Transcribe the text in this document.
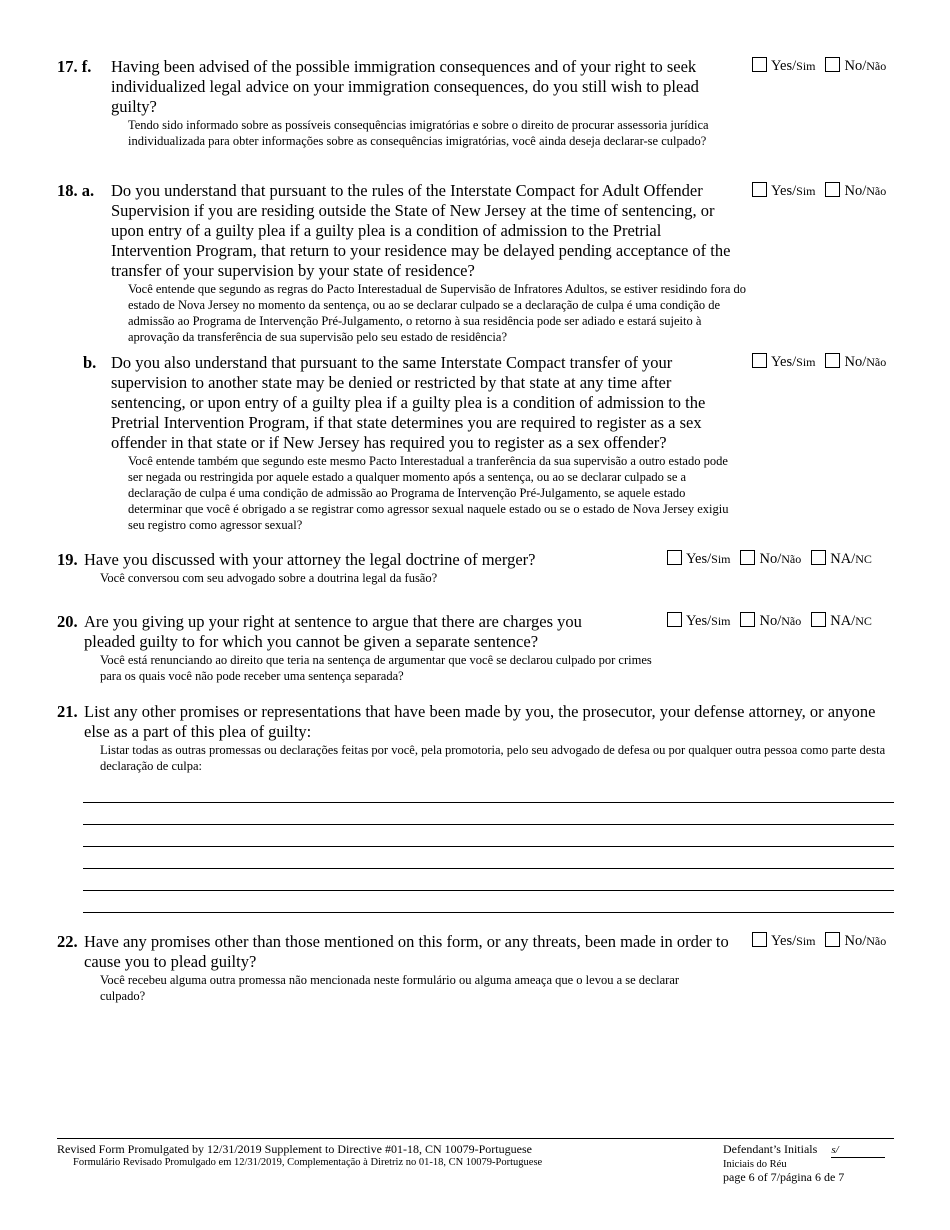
17. f. Having been advised of the possible immigration consequences and of your right to seek individualized legal advice on your immigration consequences, do you still wish to plead guilty?
Tendo sido informado sobre as possíveis consequências imigratórias e sobre o direito de procurar assessoria jurídica individualizada para obter informações sobre as consequências imigratórias, você ainda deseja declarar-se culpado?
Yes/Sim No/Não
18. a. Do you understand that pursuant to the rules of the Interstate Compact for Adult Offender Supervision if you are residing outside the State of New Jersey at the time of sentencing, or upon entry of a guilty plea if a guilty plea is a condition of admission to the Pretrial Intervention Program, that return to your residence may be delayed pending acceptance of the transfer of your supervision by your state of residence?
Você entende que segundo as regras do Pacto Interestadual de Supervisão de Infratores Adultos, se estiver residindo fora do estado de Nova Jersey no momento da sentença, ou ao se declarar culpado se a declaração de culpa é uma condição de admissão ao Programa de Intervenção Pré-Julgamento, o retorno à sua residência pode ser adiado e estará sujeito à aprovação da transferência de sua supervisão pelo seu estado de residência?
Yes/Sim No/Não
b. Do you also understand that pursuant to the same Interstate Compact transfer of your supervision to another state may be denied or restricted by that state at any time after sentencing, or upon entry of a guilty plea if a guilty plea is a condition of admission to the Pretrial Intervention Program, if that state determines you are required to register as a sex offender in that state or if New Jersey has required you to register as a sex offender?
Você entende também que segundo este mesmo Pacto Interestadual a tranferência da sua supervisão a outro estado pode ser negada ou restringida por aquele estado a qualquer momento após a sentença, ou ao se declarar culpado se a declaração de culpa é uma condição de admissão ao Programa de Intervenção Pré-Julgamento, se aquele estado determinar que você é obrigado a se registrar como agressor sexual naquele estado ou se o estado de Nova Jersey exigiu seu registro como agressor sexual?
Yes/Sim No/Não
19. Have you discussed with your attorney the legal doctrine of merger?
Você conversou com seu advogado sobre a doutrina legal da fusão?
Yes/Sim No/Não NA/NC
20. Are you giving up your right at sentence to argue that there are charges you pleaded guilty to for which you cannot be given a separate sentence?
Você está renunciando ao direito que teria na sentença de argumentar que você se declarou culpado por crimes para os quais você não pode receber uma sentença separada?
Yes/Sim No/Não NA/NC
21. List any other promises or representations that have been made by you, the prosecutor, your defense attorney, or anyone else as a part of this plea of guilty:
Listar todas as outras promessas ou declarações feitas por você, pela promotoria, pelo seu advogado de defesa ou por qualquer outra pessoa como parte desta declaração de culpa:
22. Have any promises other than those mentioned on this form, or any threats, been made in order to cause you to plead guilty?
Você recebeu alguma outra promessa não mencionada neste formulário ou alguma ameaça que o levou a se declarar culpado?
Yes/Sim No/Não
Revised Form Promulgated by 12/31/2019 Supplement to Directive #01-18, CN 10079-Portuguese
Formulário Revisado Promulgado em 12/31/2019, Complementação à Diretriz no 01-18, CN 10079-Portuguese
Defendant’s Initials s/
Iniciais do Réu
page 6 of 7/página 6 de 7
